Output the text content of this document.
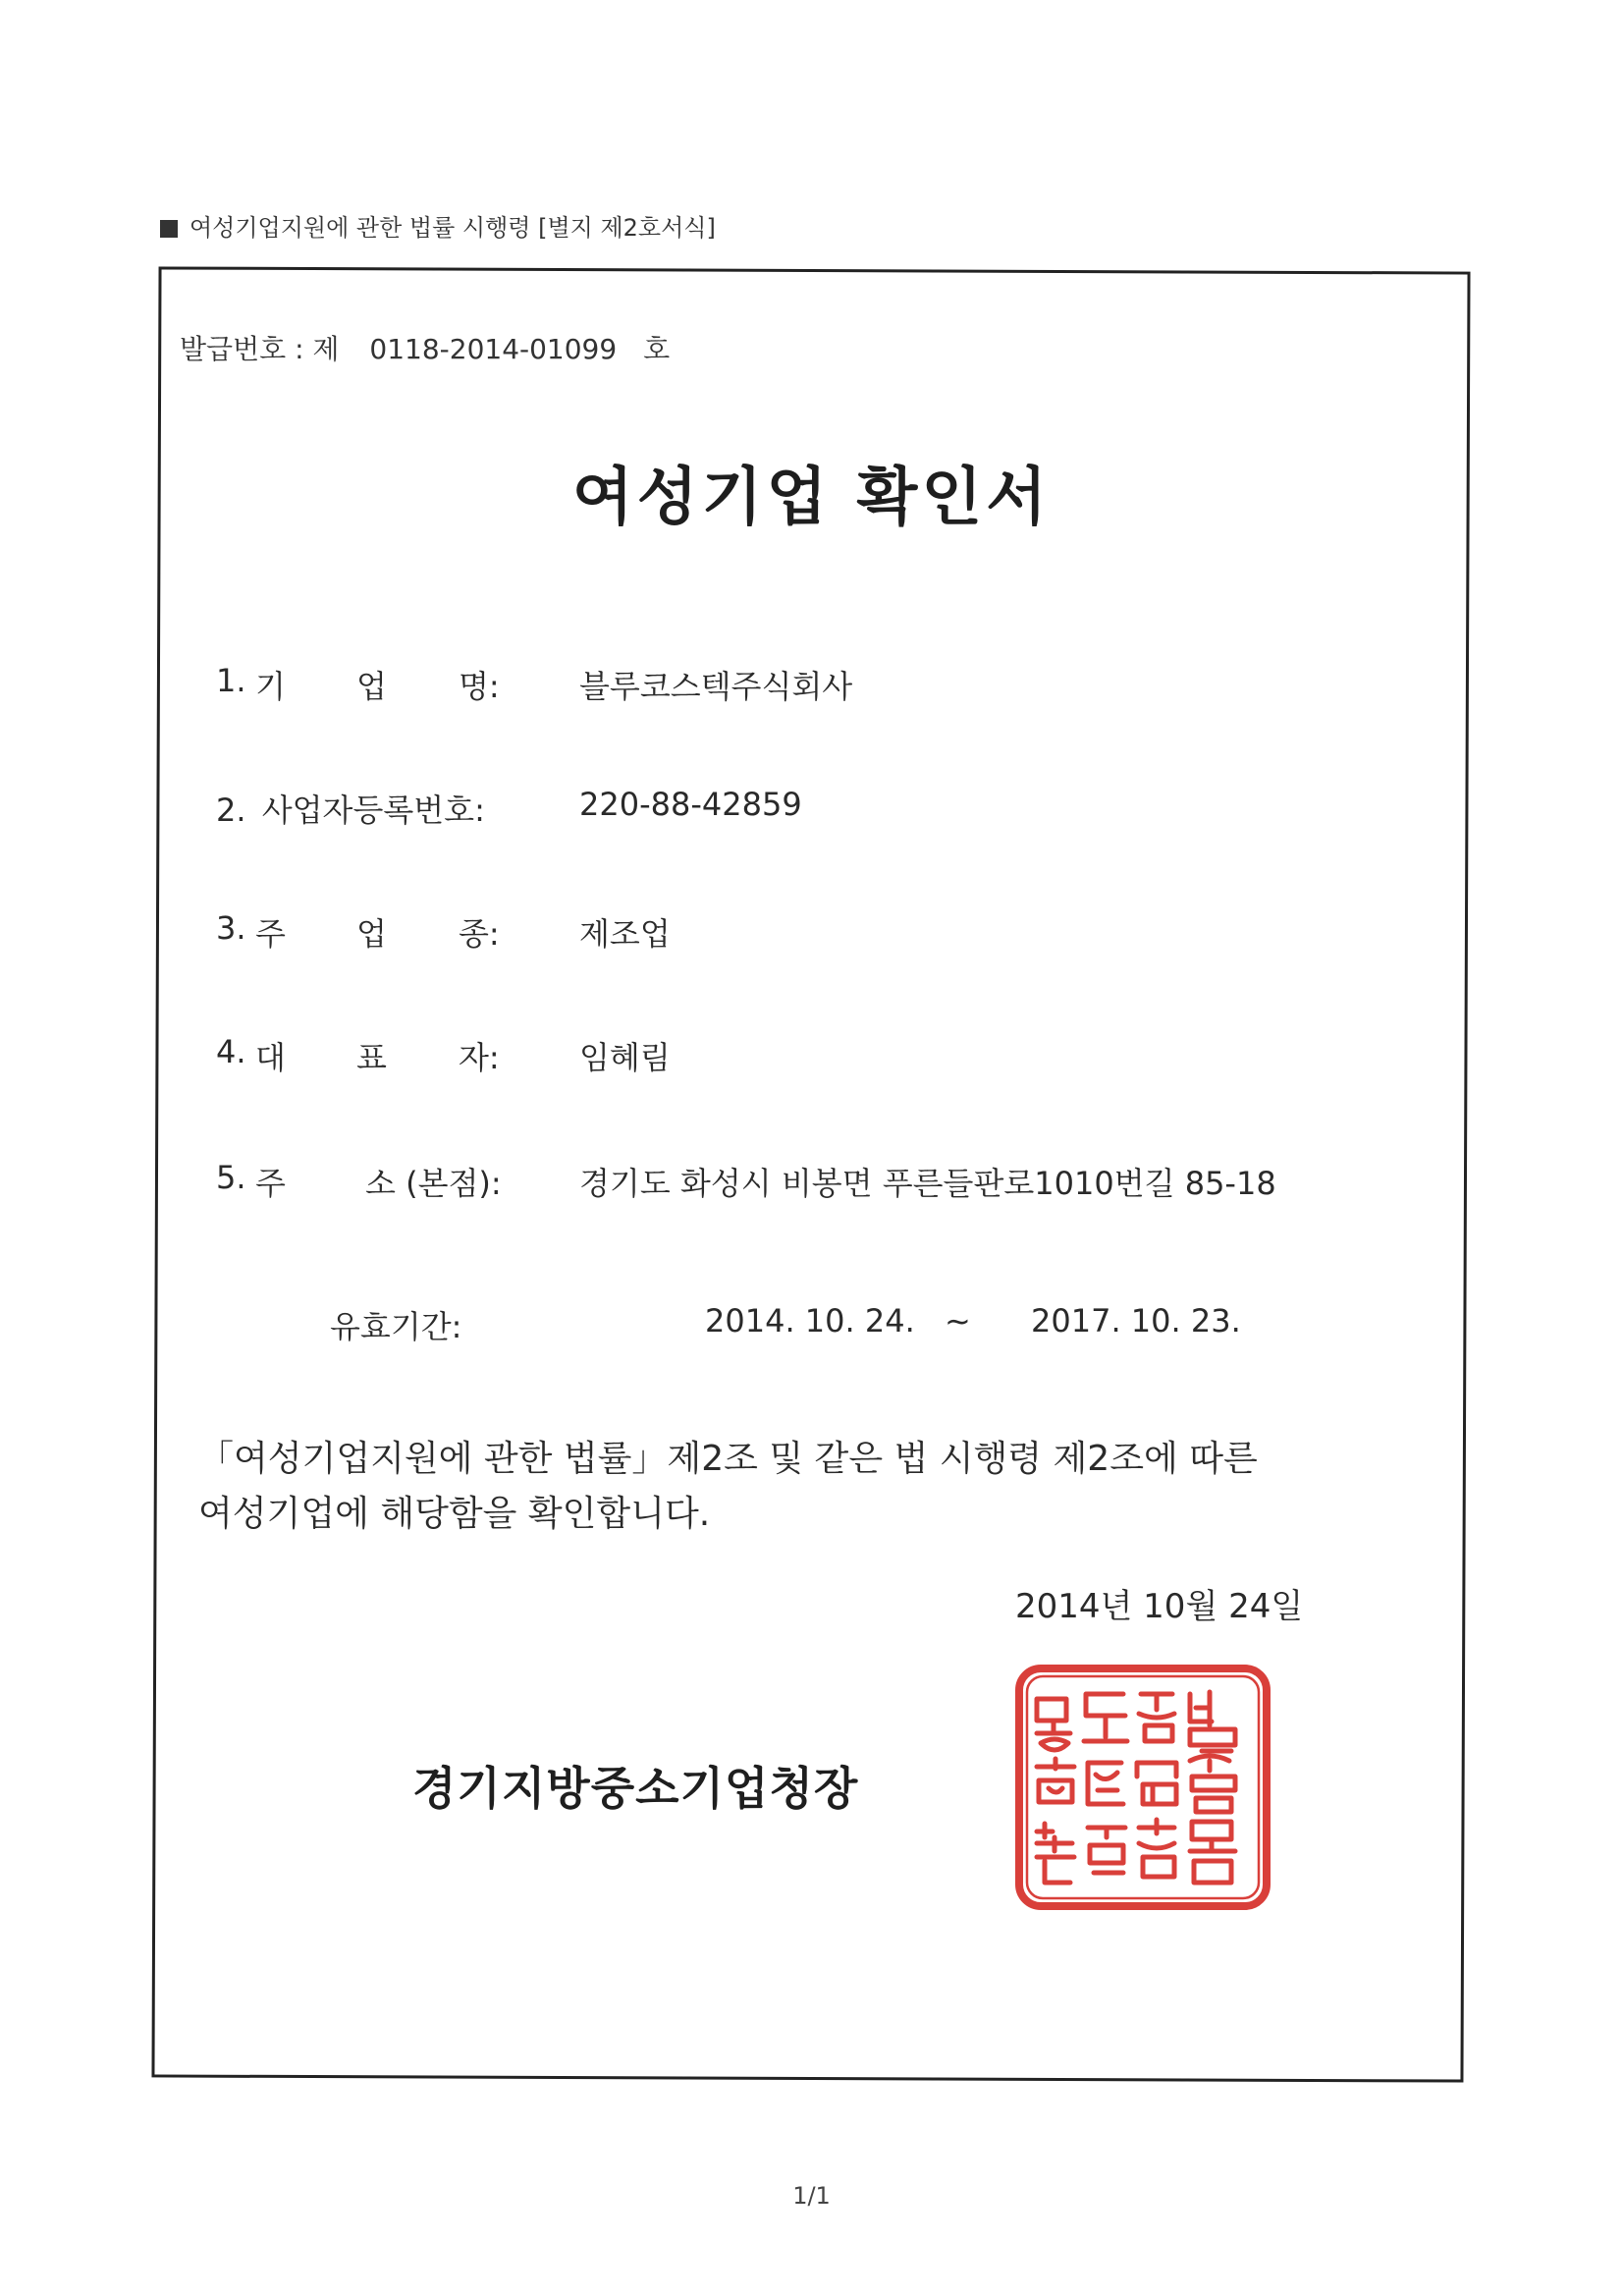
여성기업지원에 관한 법률 시행령 [별지 제2호서식]
발급번호 : 제 0118-2014-01099 호
여성기업 확인서
1. 기 업 명:	블루코스텍주식회사
2. 사업자등록번호:	220-88-42859
3. 주 업 종:	제조업
4. 대 표 자:	임혜림
5. 주	소 (본점): 경기도 화성시 비봉면 푸른들판로1010번길 85-18
유효기간:	2014. 10. 24. ~ 2017. 10. 23.
「여성기업지원에 관한 법률」제2조 및 같은 법 시행령 제2조에 따른
여성기업에 해당함을 확인합니다.
2014년 10월 24일
경기지방중소기업청장
1/1
